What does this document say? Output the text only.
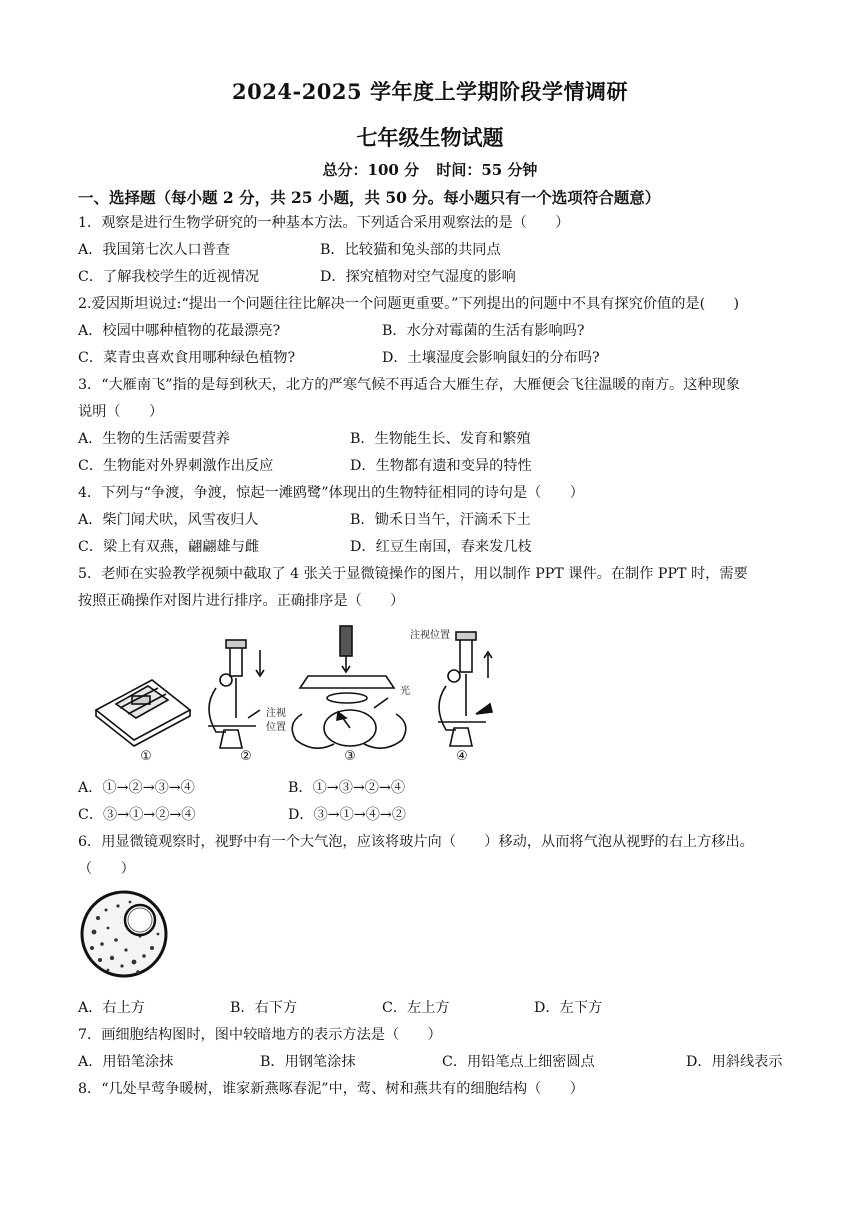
2024-2025 学年度上学期阶段学情调研
七年级生物试题
总分：100 分 时间：55 分钟
一、选择题（每小题 2 分，共 25 小题，共 50 分。每小题只有一个选项符合题意）
1．观察是进行生物学研究的一种基本方法。下列适合采用观察法的是（　　）
A．我国第七次人口普查	B．比较猫和兔头部的共同点
C．了解我校学生的近视情况	D．探究植物对空气湿度的影响
2.爱因斯坦说过:“提出一个问题往往比解决一个问题更重要。”下列提出的问题中不具有探究价值的是(　　)
A．校园中哪种植物的花最漂亮?	B．水分对霉菌的生活有影响吗?
C．菜青虫喜欢食用哪种绿色植物?	D．土壤湿度会影响鼠妇的分布吗?
3．“大雁南飞”指的是每到秋天，北方的严寒气候不再适合大雁生存，大雁便会飞往温暖的南方。这种现象
说明（　　）
A．生物的生活需要营养	B．生物能生长、发育和繁殖
C．生物能对外界刺激作出反应	D．生物都有遗和变异的特性
4．下列与“争渡，争渡，惊起一滩鸥鹭”体现出的生物特征相同的诗句是（　　）
A．柴门闻犬吠，风雪夜归人	B．锄禾日当午，汗滴禾下土
C．梁上有双燕，翩翩雄与雌	D．红豆生南国，春来发几枝
5．老师在实验教学视频中截取了 4 张关于显微镜操作的图片，用以制作 PPT 课件。在制作 PPT 时，需要
按照正确操作对图片进行排序。正确排序是（　　）
①	②	③	④
注视
位置
光
注视位置
A．①→②→③→④	B．①→③→②→④
C．③→①→②→④	D．③→①→④→②
6．用显微镜观察时，视野中有一个大气泡，应该将玻片向（　　）移动，从而将气泡从视野的右上方移出。
（　　）
A．右上方	B．右下方	C．左上方	D．左下方
7．画细胞结构图时，图中较暗地方的表示方法是（　　）
A．用铅笔涂抹	B．用钢笔涂抹	C．用铅笔点上细密圆点	D．用斜线表示
8．“几处早莺争暖树，谁家新燕啄春泥”中，莺、树和燕共有的细胞结构（　　）
